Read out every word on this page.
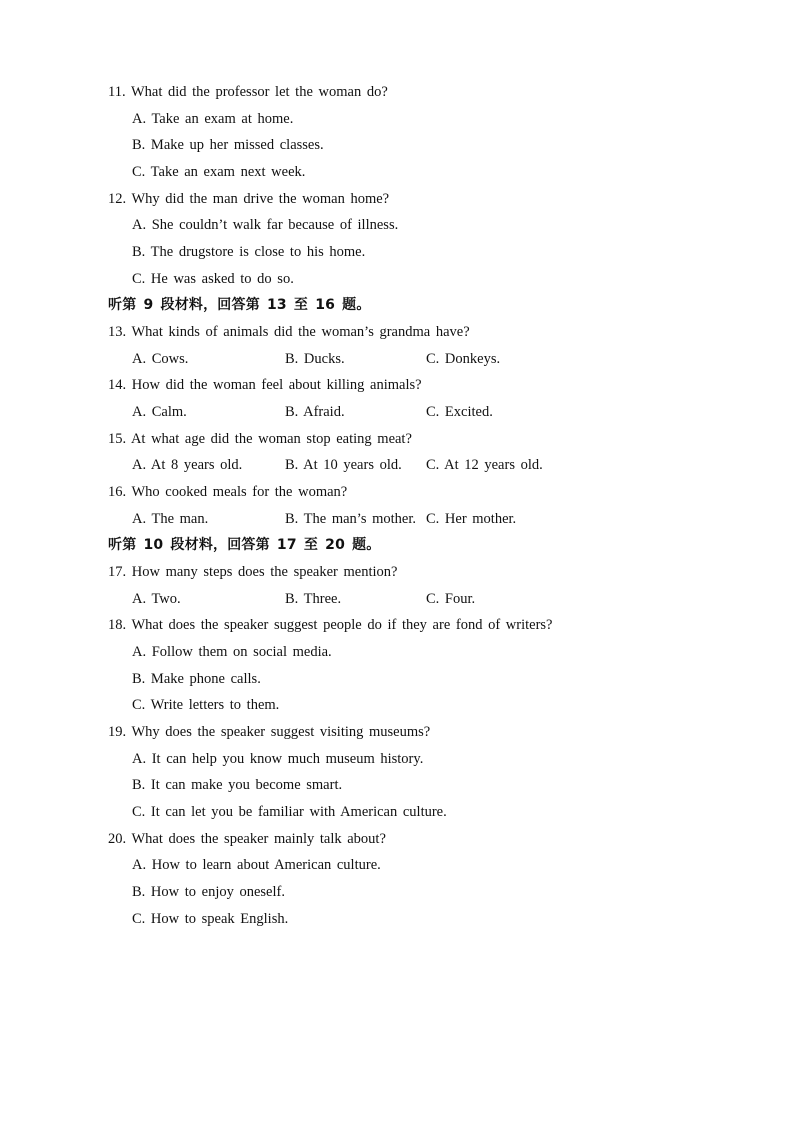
11. What did the professor let the woman do?
A. Take an exam at home.
B. Make up her missed classes.
C. Take an exam next week.
12. Why did the man drive the woman home?
A. She couldn’t walk far because of illness.
B. The drugstore is close to his home.
C. He was asked to do so.
听第 9 段材料，回答第 13 至 16 题。
13. What kinds of animals did the woman’s grandma have?
A. Cows.	B. Ducks.	C. Donkeys.
14. How did the woman feel about killing animals?
A. Calm.	B. Afraid.	C. Excited.
15. At what age did the woman stop eating meat?
A. At 8 years old.	B. At 10 years old. C. At 12 years old.
16. Who cooked meals for the woman?
A. The man.	B. The man’s mother. C. Her mother.
听第 10 段材料，回答第 17 至 20 题。
17. How many steps does the speaker mention?
A. Two.	B. Three.	C. Four.
18. What does the speaker suggest people do if they are fond of writers?
A. Follow them on social media.
B. Make phone calls.
C. Write letters to them.
19. Why does the speaker suggest visiting museums?
A. It can help you know much museum history.
B. It can make you become smart.
C. It can let you be familiar with American culture.
20. What does the speaker mainly talk about?
A. How to learn about American culture.
B. How to enjoy oneself.
C. How to speak English.
